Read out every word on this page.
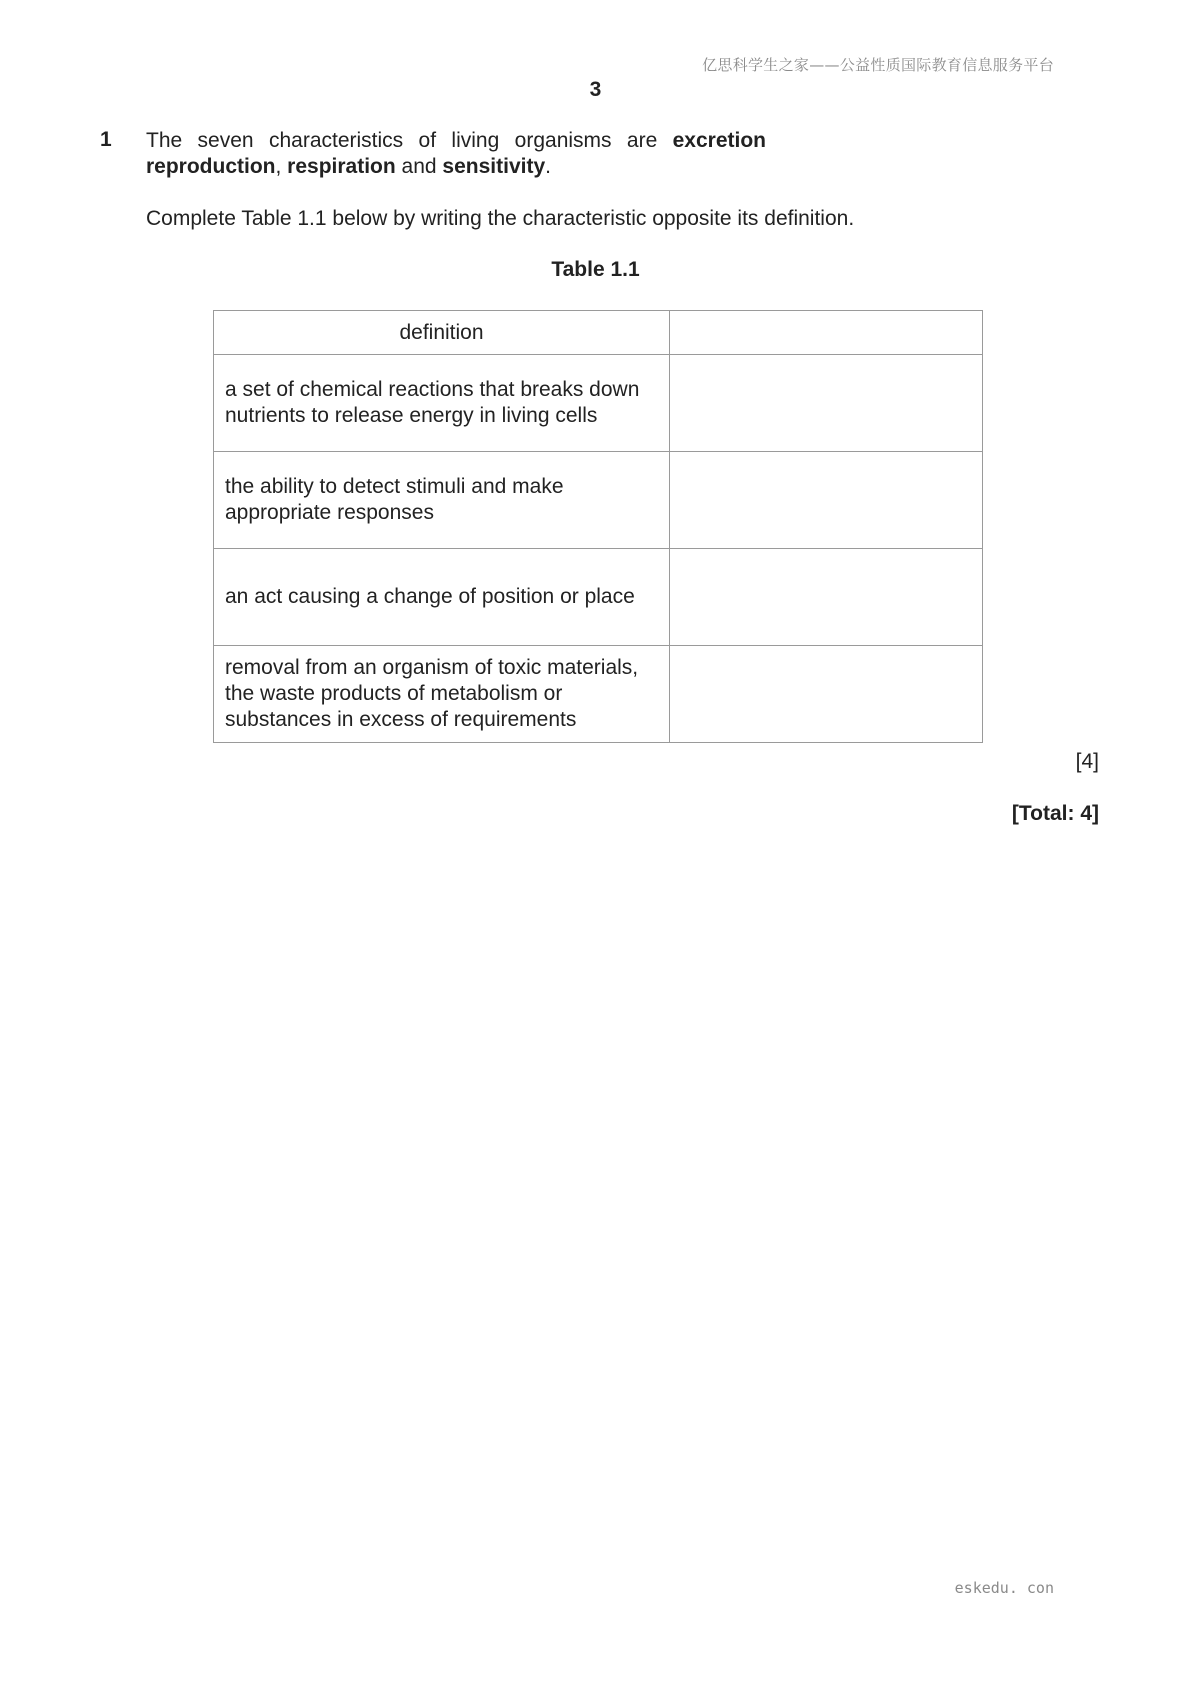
亿思科学生之家——公益性质国际教育信息服务平台
3
1 The seven characteristics of living organisms are excretion
reproduction, respiration and sensitivity.
Complete Table 1.1 below by writing the characteristic opposite its definition.
Table 1.1
definition	
a set of chemical reactions that breaks down nutrients to release energy in living cells	
the ability to detect stimuli and make appropriate responses	
an act causing a change of position or place	
removal from an organism of toxic materials, the waste products of metabolism or substances in excess of requirements	
[4]
[Total: 4]
eskedu. con
